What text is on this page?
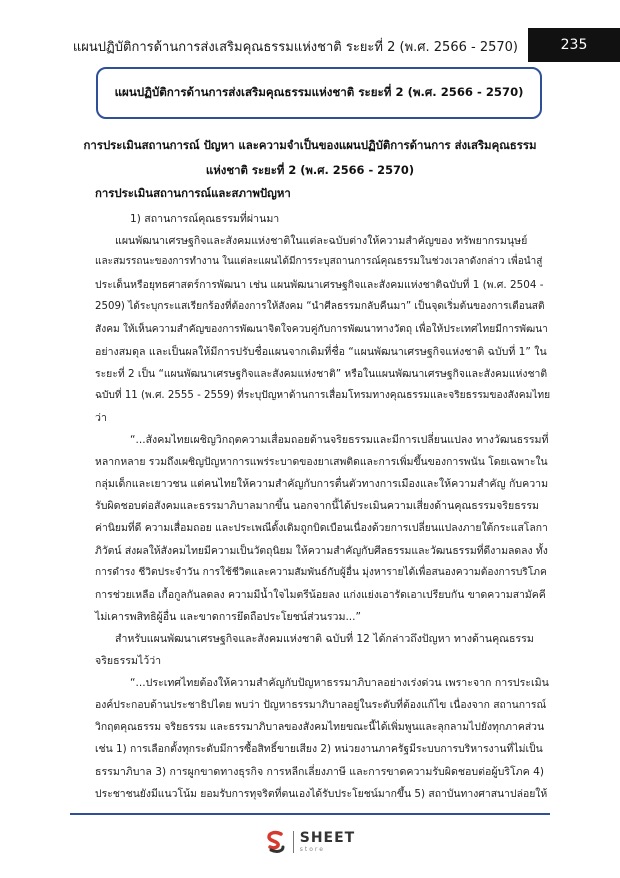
แผนปฏิบัติการด้านการส่งเสริมคุณธรรมแห่งชาติ ระยะที่ 2 (พ.ศ. 2566 - 2570)	235
แผนปฏิบัติการด้านการส่งเสริมคุณธรรมแห่งชาติ ระยะที่ 2 (พ.ศ. 2566 - 2570)
การประเมินสถานการณ์ ปัญหา และความจำเป็นของแผนปฏิบัติการด้านการ ส่งเสริมคุณธรรม
แห่งชาติ ระยะที่ 2 (พ.ศ. 2566 - 2570)
การประเมินสถานการณ์และสภาพปัญหา
1) สถานการณ์คุณธรรมที่ผ่านมา
แผนพัฒนาเศรษฐกิจและสังคมแห่งชาติในแต่ละฉบับต่างให้ความสำคัญของ ทรัพยากรมนุษย์
และสมรรถนะของการทำงาน ในแต่ละแผนได้มีการระบุสถานการณ์คุณธรรมในช่วงเวลาดังกล่าว เพื่อนำสู่
ประเด็นหรือยุทธศาสตร์การพัฒนา เช่น แผนพัฒนาเศรษฐกิจและสังคมแห่งชาติฉบับที่ 1 (พ.ศ. 2504 -
2509) ได้ระบุกระแสเรียกร้องที่ต้องการให้สังคม “นำศีลธรรมกลับคืนมา” เป็นจุดเริ่มต้นของการเตือนสติ
สังคม ให้เห็นความสำคัญของการพัฒนาจิตใจควบคู่กับการพัฒนาทางวัตถุ เพื่อให้ประเทศไทยมีการพัฒนา
อย่างสมดุล และเป็นผลให้มีการปรับชื่อแผนจากเดิมที่ชื่อ “แผนพัฒนาเศรษฐกิจแห่งชาติ ฉบับที่ 1” ใน
ระยะที่ 2 เป็น “แผนพัฒนาเศรษฐกิจและสังคมแห่งชาติ” หรือในแผนพัฒนาเศรษฐกิจและสังคมแห่งชาติ
ฉบับที่ 11 (พ.ศ. 2555 - 2559) ที่ระบุปัญหาด้านการเสื่อมโทรมทางคุณธรรมและจริยธรรมของสังคมไทย
ว่า
“...สังคมไทยเผชิญวิกฤตความเสื่อมถอยด้านจริยธรรมและมีการเปลี่ยนแปลง ทางวัฒนธรรมที่
หลากหลาย รวมถึงเผชิญปัญหาการแพร่ระบาดของยาเสพติดและการเพิ่มขึ้นของการพนัน โดยเฉพาะใน
กลุ่มเด็กและเยาวชน แต่คนไทยให้ความสำคัญกับการตื่นตัวทางการเมืองและให้ความสำคัญ กับความ
รับผิดชอบต่อสังคมและธรรมาภิบาลมากขึ้น นอกจากนี้ได้ประเมินความเสี่ยงด้านคุณธรรมจริยธรรม
ค่านิยมที่ดี ความเสื่อมถอย และประเพณีดั้งเดิมถูกบิดเบือนเนื่องด้วยการเปลี่ยนแปลงภายใต้กระแสโลกา
ภิวัตน์ ส่งผลให้สังคมไทยมีความเป็นวัตถุนิยม ให้ความสำคัญกับศีลธรรมและวัฒนธรรมที่ดีงามลดลง ทั้ง
การดำรง ชีวิตประจำวัน การใช้ชีวิตและความสัมพันธ์กับผู้อื่น มุ่งหารายได้เพื่อสนองความต้องการบริโภค
การช่วยเหลือ เกื้อกูลกันลดลง ความมีน้ำใจไมตรีน้อยลง แก่งแย่งเอารัดเอาเปรียบกัน ขาดความสามัคคี
ไม่เคารพสิทธิผู้อื่น และขาดการยึดถือประโยชน์ส่วนรวม...”
สำหรับแผนพัฒนาเศรษฐกิจและสังคมแห่งชาติ ฉบับที่ 12 ได้กล่าวถึงปัญหา ทางด้านคุณธรรม
จริยธรรมไว้ว่า
“...ประเทศไทยต้องให้ความสำคัญกับปัญหาธรรมาภิบาลอย่างเร่งด่วน เพราะจาก การประเมิน
องค์ประกอบด้านประชาธิปไตย พบว่า ปัญหาธรรมาภิบาลอยู่ในระดับที่ต้องแก้ไข เนื่องจาก สถานการณ์
วิกฤตคุณธรรม จริยธรรม และธรรมาภิบาลของสังคมไทยขณะนี้ได้เพิ่มพูนและลุกลามไปยังทุกภาคส่วน
เช่น 1) การเลือกตั้งทุกระดับมีการซื้อสิทธิ์ขายเสียง 2) หน่วยงานภาครัฐมีระบบการบริหารงานที่ไม่เป็น
ธรรมาภิบาล 3) การผูกขาดทางธุรกิจ การหลีกเลี่ยงภาษี และการขาดความรับผิดชอบต่อผู้บริโภค 4)
ประชาชนยังมีแนวโน้ม ยอมรับการทุจริตที่ตนเองได้รับประโยชน์มากขึ้น 5) สถาบันทางศาสนาปล่อยให้
SHEET
store
